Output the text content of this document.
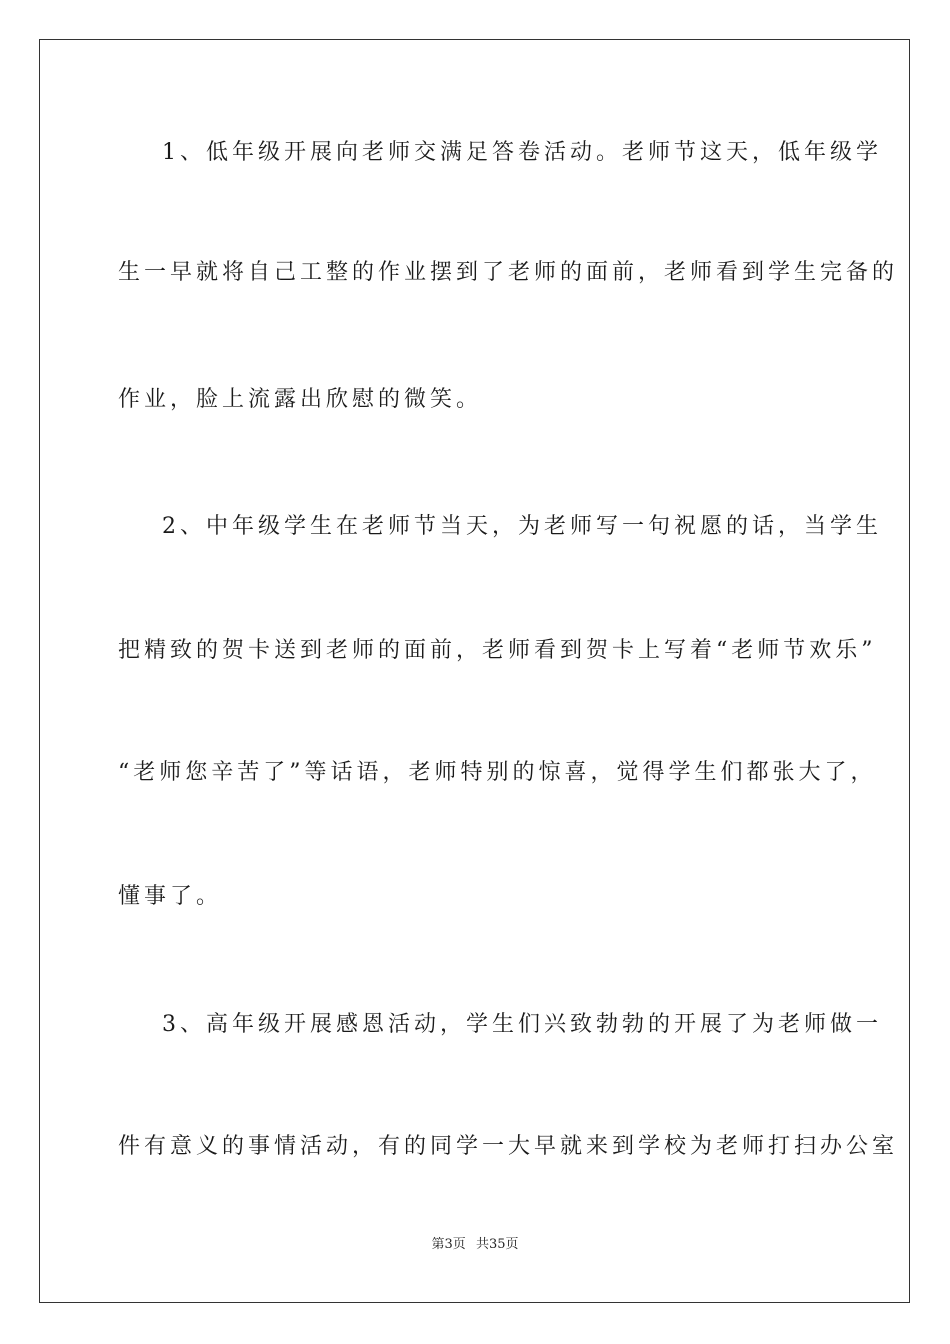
1、低年级开展向老师交满足答卷活动。老师节这天，低年级学
生一早就将自己工整的作业摆到了老师的面前，老师看到学生完备的
作业，脸上流露出欣慰的微笑。
2、中年级学生在老师节当天，为老师写一句祝愿的话，当学生
把精致的贺卡送到老师的面前，老师看到贺卡上写着“老师节欢乐”
“老师您辛苦了”等话语，老师特别的惊喜，觉得学生们都张大了，
懂事了。
3、高年级开展感恩活动，学生们兴致勃勃的开展了为老师做一
件有意义的事情活动，有的同学一大早就来到学校为老师打扫办公室
第3页 共35页
